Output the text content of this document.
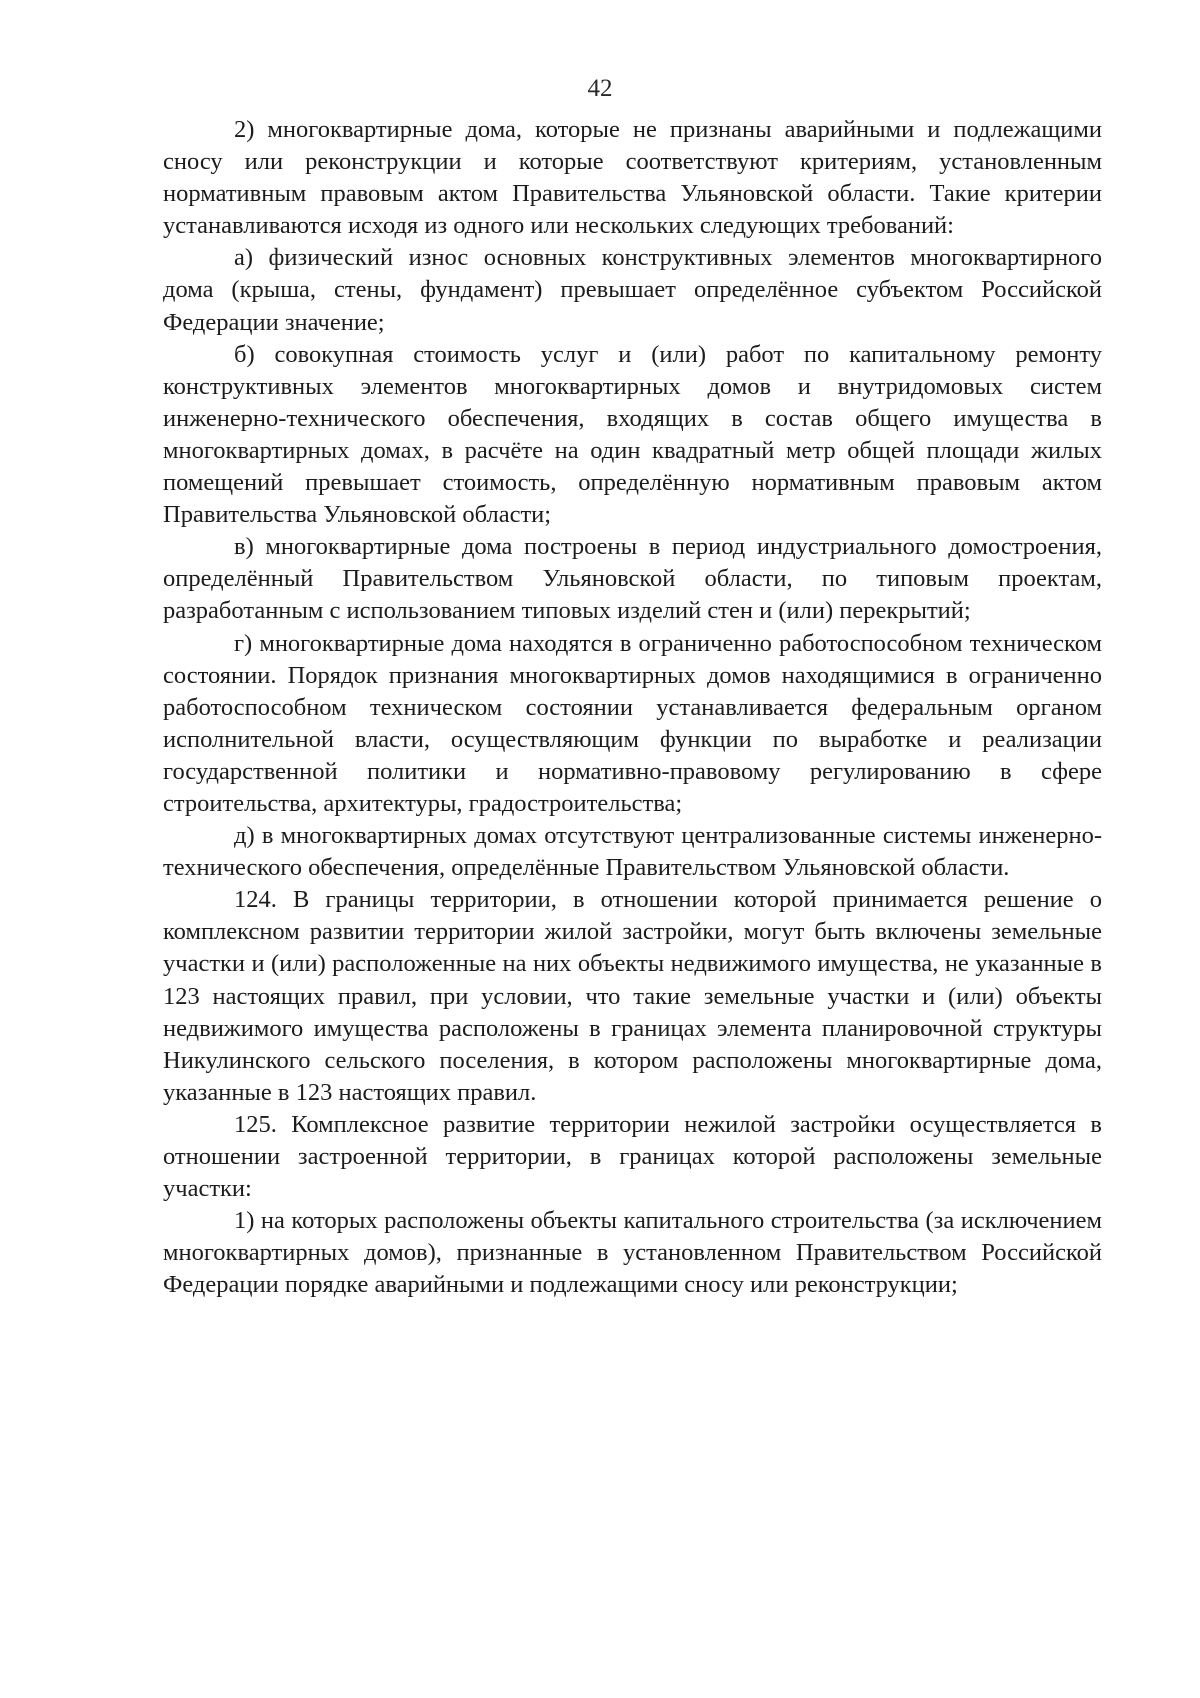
42

2) многоквартирные дома, которые не признаны аварийными и подлежащими сносу или реконструкции и которые соответствуют критериям, установленным нормативным правовым актом Правительства Ульяновской области. Такие критерии устанавливаются исходя из одного или нескольких следующих требований:

а) физический износ основных конструктивных элементов многоквартирного дома (крыша, стены, фундамент) превышает определённое субъектом Российской Федерации значение;

б) совокупная стоимость услуг и (или) работ по капитальному ремонту конструктивных элементов многоквартирных домов и внутридомовых систем инженерно-технического обеспечения, входящих в состав общего имущества в многоквартирных домах, в расчёте на один квадратный метр общей площади жилых помещений превышает стоимость, определённую нормативным правовым актом Правительства Ульяновской области;

в) многоквартирные дома построены в период индустриального домостроения, определённый Правительством Ульяновской области, по типовым проектам, разработанным с использованием типовых изделий стен и (или) перекрытий;

г) многоквартирные дома находятся в ограниченно работоспособном техническом состоянии. Порядок признания многоквартирных домов находящимися в ограниченно работоспособном техническом состоянии устанавливается федеральным органом исполнительной власти, осуществляющим функции по выработке и реализации государственной политики и нормативно-правовому регулированию в сфере строительства, архитектуры, градостроительства;

д) в многоквартирных домах отсутствуют централизованные системы инженерно-технического обеспечения, определённые Правительством Ульяновской области.

124. В границы территории, в отношении которой принимается решение о комплексном развитии территории жилой застройки, могут быть включены земельные участки и (или) расположенные на них объекты недвижимого имущества, не указанные в 123 настоящих правил, при условии, что такие земельные участки и (или) объекты недвижимого имущества расположены в границах элемента планировочной структуры Никулинского сельского поселения, в котором расположены многоквартирные дома, указанные в 123 настоящих правил.

125. Комплексное развитие территории нежилой застройки осуществляется в отношении застроенной территории, в границах которой расположены земельные участки:

1) на которых расположены объекты капитального строительства (за исключением многоквартирных домов), признанные в установленном Правительством Российской Федерации порядке аварийными и подлежащими сносу или реконструкции;
